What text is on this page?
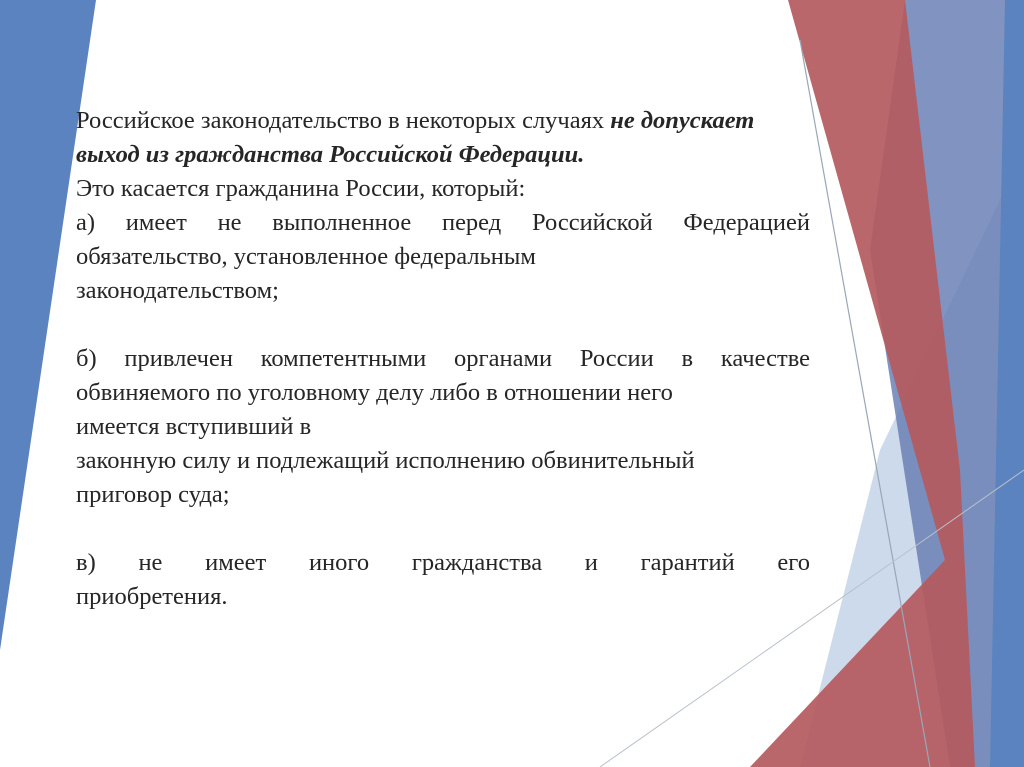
Российское законодательство в некоторых случаях не допускает выход из гражданства Российской Федерации.

Это касается гражданина России, который:

а) имеет не выполненное перед Российской Федерацией обязательство, установленное федеральным

законодательством;

б) привлечен компетентными органами России в качестве обвиняемого по уголовному делу либо в отношении него

имеется вступивший в

законную силу и подлежащий исполнению обвинительный

приговор суда;

в) не имеет иного гражданства и гарантий его

приобретения.
